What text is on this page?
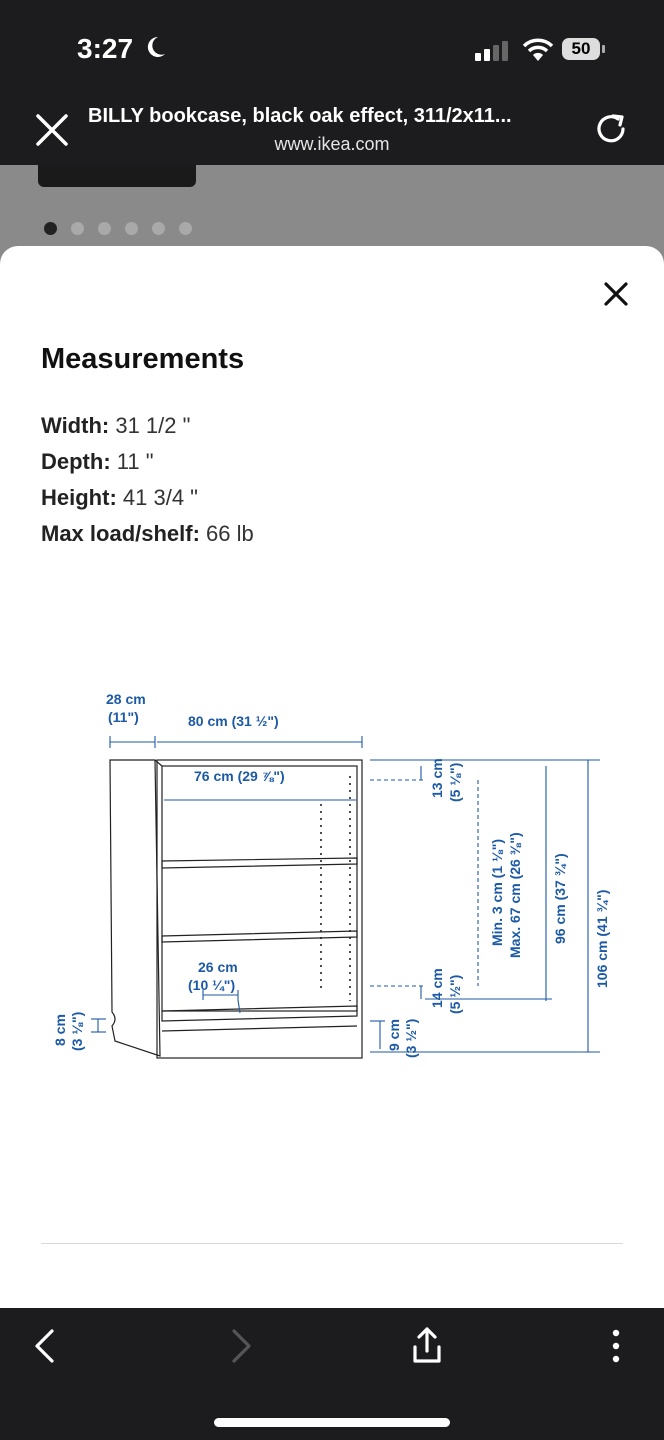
3:27	50
BILLY bookcase, black oak effect, 311/2x11...
www.ikea.com
Measurements
Width: 31 1/2 "
Depth: 11 "
Height: 41 3/4 "
Max load/shelf: 66 lb
28 cm
(11")	80 cm (31 ½")
76 cm (29 ⅞")
26 cm
(10 ¼")
8 cm (3 ⅛")
13 cm (5 ⅛")
14 cm (5 ½")
9 cm (3 ½")
Min. 3 cm (1 ⅛") Max. 67 cm (26 ⅜") 96 cm (37 ¾") 106 cm (41 ¾")
